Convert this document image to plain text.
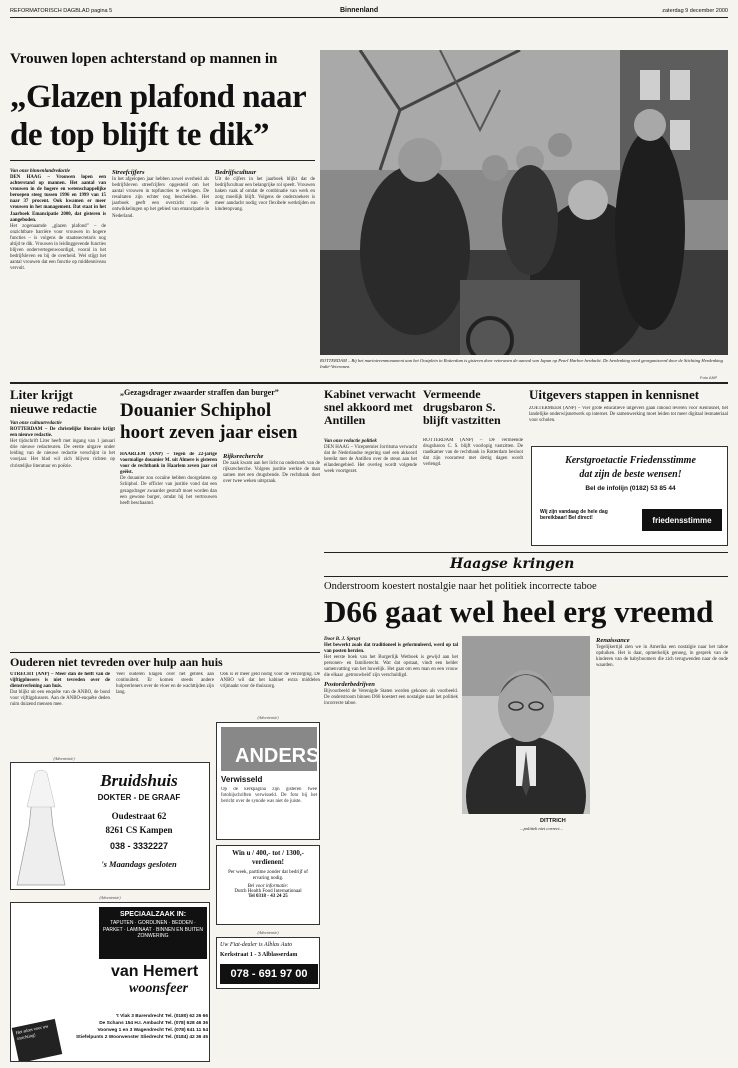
REFORMATORISCH DAGBLAD pagina 5	Binnenland	zaterdag 9 december 2000
Vrouwen lopen achterstand op mannen in
„Glazen plafond naar
de top blijft te dik”
Van onze binnenlandredactie

DEN HAAG – Vrouwen lopen een achterstand op mannen. Het aantal van vrouwen in de hogere en wetenschappelijke beroepen steeg tussen 1996 en 1999 van 15 naar 37 procent. Ook kwamen er meer vrouwen in het management. Dat staat in het Jaarboek Emancipatie 2000, dat gisteren is aangeboden.

Het zogenaamde „glazen plafond” – de onzichtbare barrière voor vrouwen in hogere functies – is volgens de staatssecretaris nog altijd te dik. Vrouwen in leidinggevende functies blijven ondervertegenwoordigd, vooral in het bedrijfsleven en bij de overheid. Wel stijgt het aantal vrouwen dat een functie op middenniveau vervult.

Streefcijfers

In het afgelopen jaar hebben zowel overheid als bedrijfsleven streefcijfers opgesteld om het aantal vrouwen in topfuncties te verhogen. De resultaten zijn echter nog bescheiden. Het jaarboek geeft een overzicht van de ontwikkelingen op het gebied van emancipatie in Nederland.

Bedrijfscultuur

Uit de cijfers in het jaarboek blijkt dat de bedrijfscultuur een belangrijke rol speelt. Vrouwen haken vaak af omdat de combinatie van werk en zorg moeilijk blijft. Volgens de onderzoekers is meer aandacht nodig voor flexibele werktijden en kinderopvang.

ROTTERDAM – Bij het marinierenmonument aan het Oostplein in Rotterdam is gisteren door veteranen de aanval van Japan op Pearl Harbor herdacht. De herdenking werd georganiseerd door de Stichting Herdenking Indië-Veteranen.
Foto ANP
Liter krijgt nieuwe redactie
Van onze cultuurredactie

ROTTERDAM – De christelijke literaire krijgt een nieuwe redactie.

Het tijdschrift Liter heeft met ingang van 1 januari drie nieuwe redacteuren. De eerste uitgave onder leiding van de nieuwe redactie verschijnt in het voorjaar. Het blad wil zich blijven richten op christelijke literatuur en poëzie.

„Gezagsdrager zwaarder straffen dan burger”
Douanier Schiphol hoort zeven jaar eisen

HAARLEM (ANP) – Tegen de 22-jarige voormalige douanier M. uit Almere is gisteren voor de rechtbank in Haarlem zeven jaar cel geëist.

De douanier zou cocaïne hebben doorgelaten op Schiphol. De officier van justitie vond dat een gezagsdrager zwaarder gestraft moet worden dan een gewone burger, omdat hij het vertrouwen heeft beschaamd.

Rijksrecherche

De zaak kwam aan het licht na onderzoek van de rijksrecherche. Volgens justitie werkte de man samen met een drugsbende. De rechtbank doet over twee weken uitspraak.

Kabinet verwacht snel akkoord met Antillen
Van onze redactie politiek

DEN HAAG – Vicepremier Jorritsma verwacht dat de Nederlandse regering snel een akkoord bereikt met de Antillen over de steun aan het eilandengebied. Het overleg wordt volgende week voortgezet.

Vermeende drugsbaron S. blijft vastzitten

ROTTERDAM (ANP) – De vermeende drugsbaron C. S. blijft voorlopig vastzitten. De raadkamer van de rechtbank in Rotterdam besloot dat zijn voorarrest met dertig dagen wordt verlengd.

Uitgevers stappen in kennisnet

ZOETERMEER (ANP) – Vier grote educatieve uitgevers gaan inhoud leveren voor Kennisnet, het landelijke onderwijsnetwerk op internet. De samenwerking moet leiden tot meer digitaal lesmateriaal voor scholen.

Kerstgroetactie Friedensstimme
dat zijn de beste wensen!
Bel de infolijn (0182) 53 85 44
Wij zijn vandaag de hele dag bereikbaar! Bel direct!	friedensstimme
Haagse kringen
Onderstroom koestert nostalgie naar het politiek incorrecte taboe
D66 gaat wel heel erg vreemd
Door B. J. Spruyt

Het bewerkt zoals dat traditioneel is geformuleerd, werd op tal van posten herzien.

Het eerste boek van het Burgerlijk Wetboek is gewijd aan het personen- en familierecht. Wat dat opstaat, vindt een helder samenvatting van het huwelijk. Het gaat om een man en een vrouw die elkaar ‚getrouwheid' zijn verschuldigd.

Postorderbedrijven

Bijvoorbeeld de Verenigde Staten worden gekozen als voorbeeld. De onderstroom binnen D66 koestert een nostalgie naar het politiek incorrecte taboe.

DITTRICH
...politiek niet correct...

Renaissance

Tegelijkertijd zien we in Amerika een nostalgie naar het taboe opduiken. Het is daar, opmerkelijk genoeg, in gesprek van de kinderen van de babyboomers die zich terugwenden naar de oude waarden.

Ouderen niet tevreden over hulp aan huis

UTRECHT (ANP) – Meer dan de helft van de vijftigplussers is niet tevreden over de dienstverlening aan huis.

Dat blijkt uit een enquête van de ANBO, de bond voor vijftigplussers. Aan de ANBO-enquête deden ruim duizend mensen mee.

Veel ouderen klagen over het gebrek aan continuïteit. Er komen steeds andere hulpverleners over de vloer en de wachttijden zijn lang.

Ook is er meer geld nodig voor de verzorging. De ANBO wil dat het kabinet extra middelen vrijmaakt voor de thuiszorg.

(Advertentie)
Bruidshuis
DOKTER - DE GRAAF
Oudestraat 62
8261 CS Kampen
038 - 3332227
's Maandags gesloten
(Advertentie)
ANDERS
Verwisseld
Op de kerkpagina zijn gisteren twee fotobijschriften verwisseld. De foto bij het bericht over de synode was niet de juiste.
Win u / 400,- tot / 1300,- verdienen!
Per week, parttime zonder dat bedrijf of ervaring nodig.
Bel voor informatie:
Dutch Health Food Internationaal
Tel 0318 - 43 24 25
(Advertentie)
SPECIAALZAAK IN:
TAPIJTEN · GORDIJNEN · BEDDEN · PARKET · LAMINAAT · BINNEN EN BUITEN ZONWERING
van Hemert
woonsfeer
Het adres voor uw inrichting!
't Vlak 3 Barendrecht Tel. (0180) 62 26 66
De Schans 154 H.I. Ambacht Tel. (078) 628 46 36
Voorweg 1 en 3 Wagendrecht Tel. (078) 641 11 54
Stiefelpunts 2 Woonvenster Sliedrecht Tel. (0184) 42 36 45
(Advertentie)
Uw Fiat-dealer is Alblas Auto
Kerkstraat 1 - 3 Alblasserdam
078 - 691 97 00
